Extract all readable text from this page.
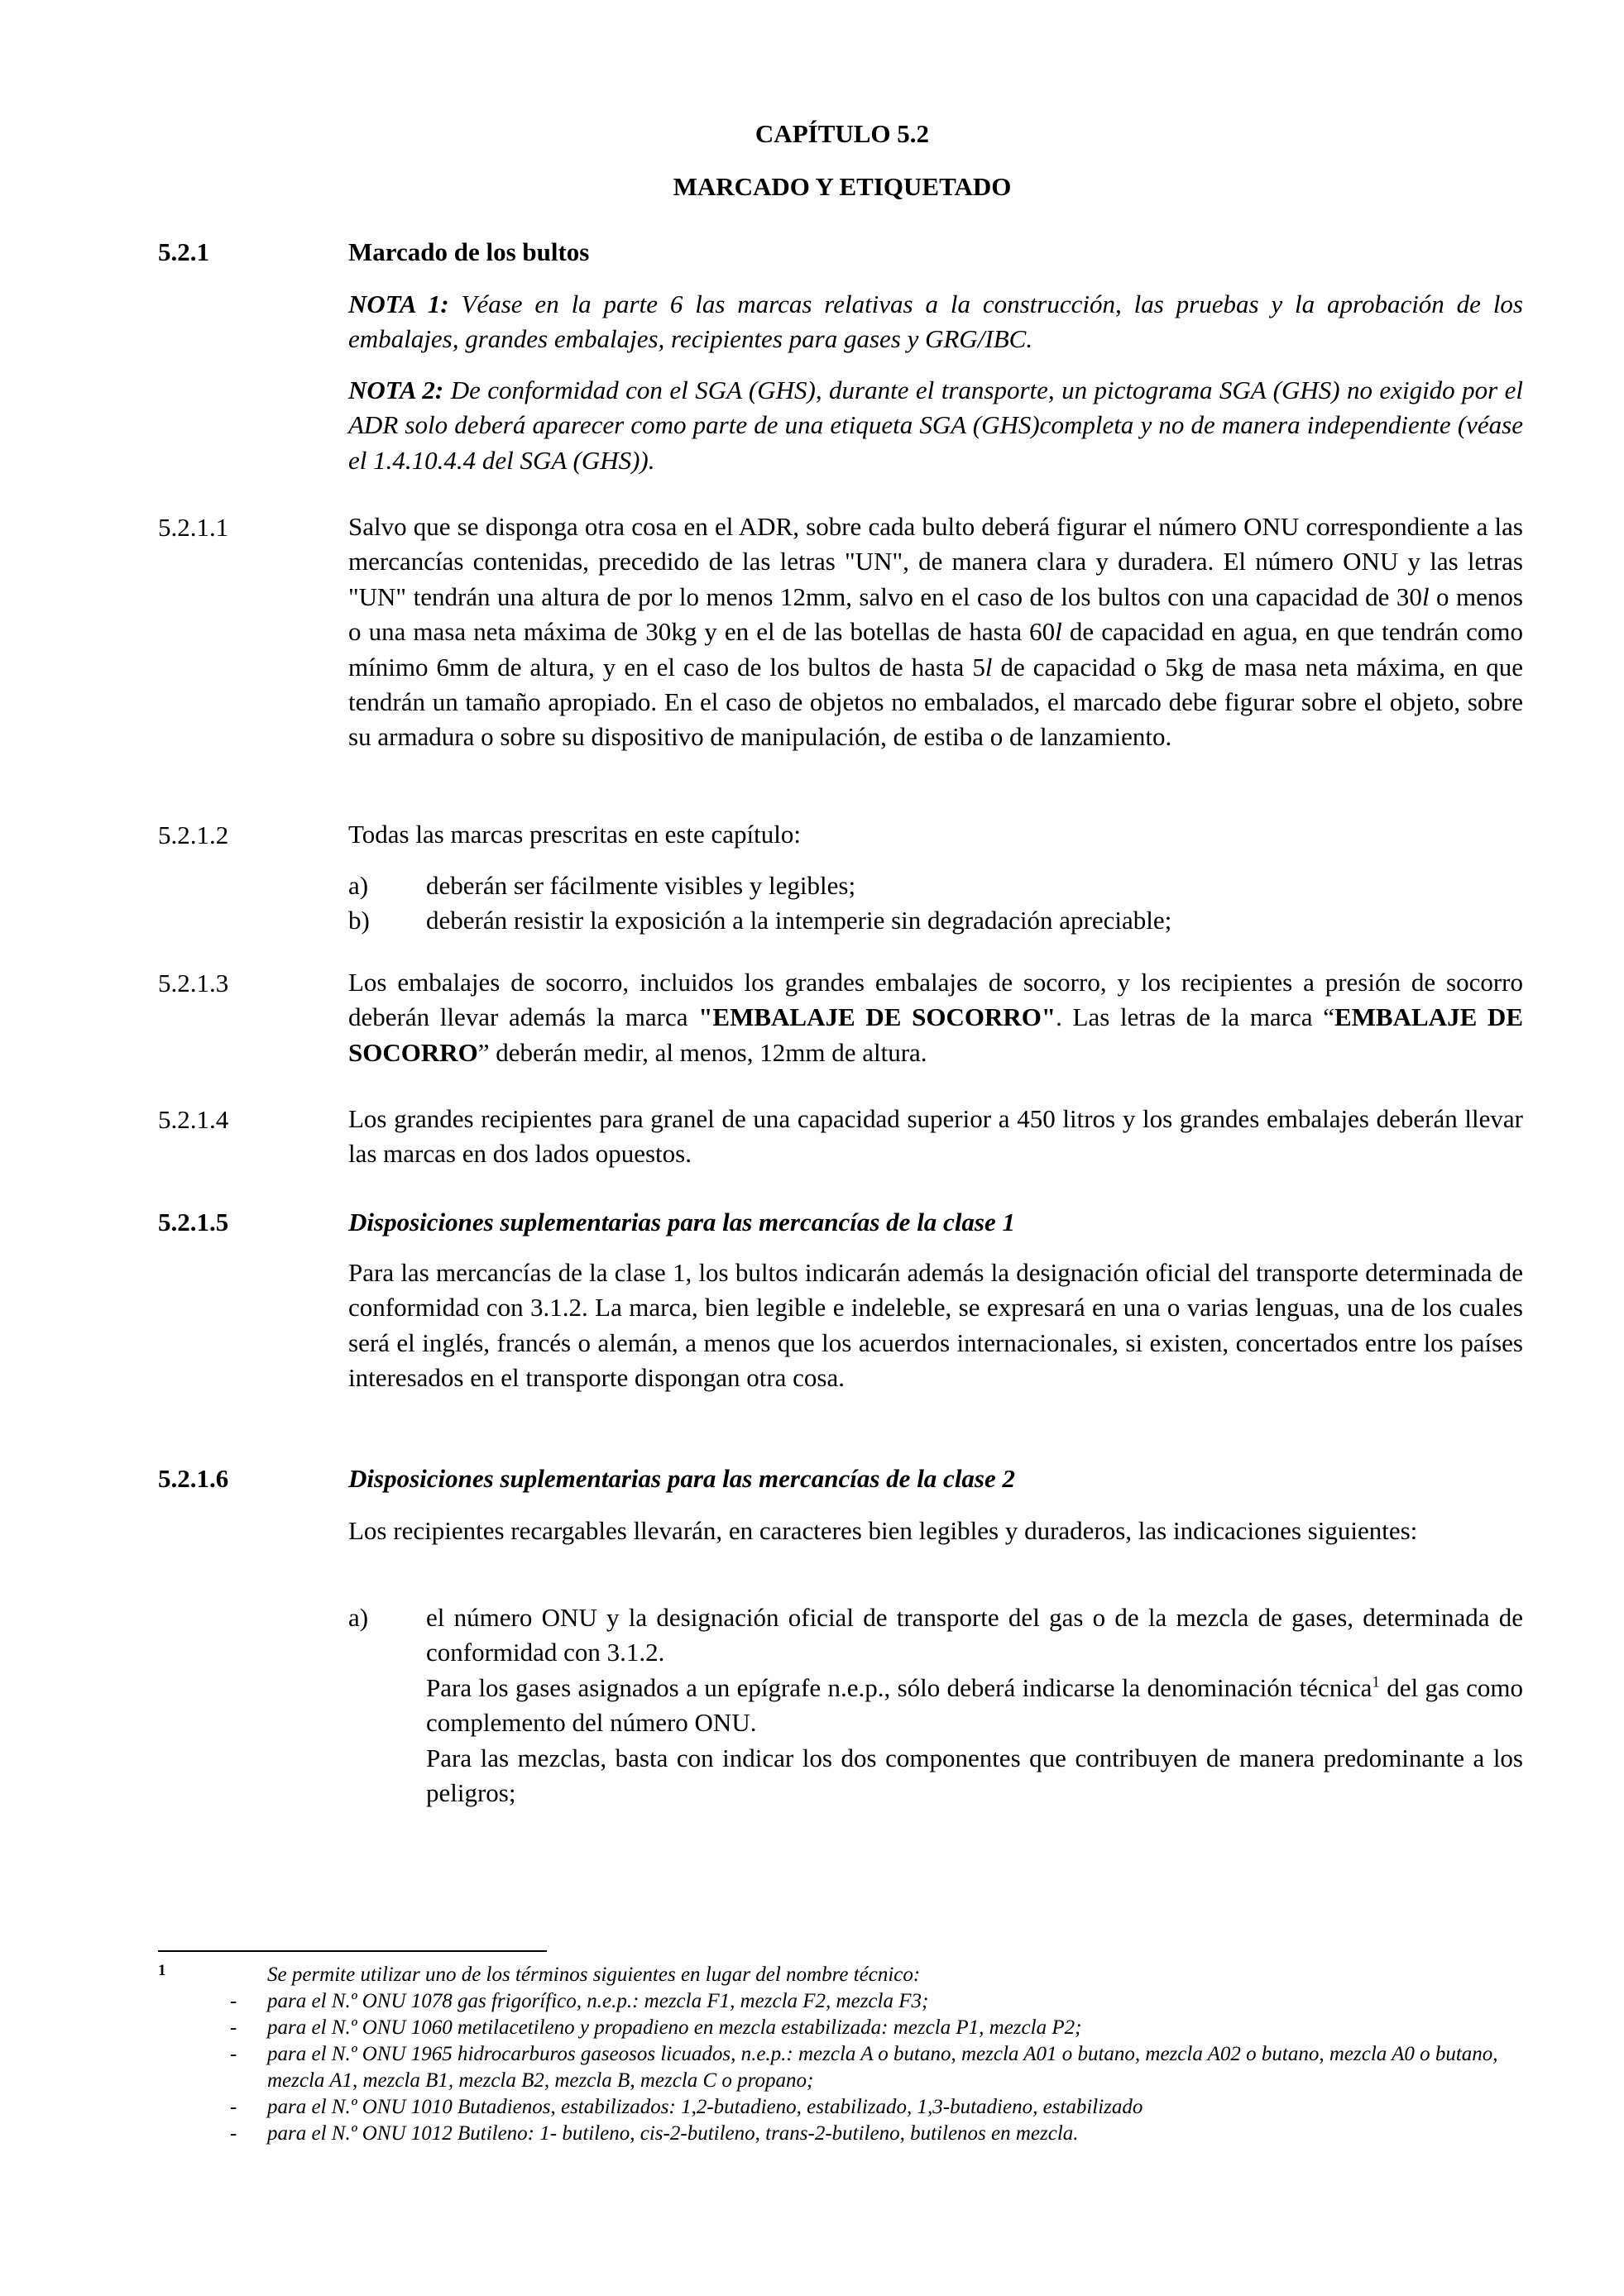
CAPÍTULO 5.2
MARCADO Y ETIQUETADO
5.2.1	Marcado de los bultos
NOTA 1: Véase en la parte 6 las marcas relativas a la construcción, las pruebas y la aprobación de los embalajes, grandes embalajes, recipientes para gases y GRG/IBC.
NOTA 2: De conformidad con el SGA (GHS), durante el transporte, un pictograma SGA (GHS) no exigido por el ADR solo deberá aparecer como parte de una etiqueta SGA (GHS)completa y no de manera independiente (véase el 1.4.10.4.4 del SGA (GHS)).
5.2.1.1	Salvo que se disponga otra cosa en el ADR, sobre cada bulto deberá figurar el número ONU correspondiente a las mercancías contenidas, precedido de las letras "UN", de manera clara y duradera. El número ONU y las letras "UN" tendrán una altura de por lo menos 12mm, salvo en el caso de los bultos con una capacidad de 30l o menos o una masa neta máxima de 30kg y en el de las botellas de hasta 60l de capacidad en agua, en que tendrán como mínimo 6mm de altura, y en el caso de los bultos de hasta 5l de capacidad o 5kg de masa neta máxima, en que tendrán un tamaño apropiado. En el caso de objetos no embalados, el marcado debe figurar sobre el objeto, sobre su armadura o sobre su dispositivo de manipulación, de estiba o de lanzamiento.
5.2.1.2	Todas las marcas prescritas en este capítulo:
a) deberán ser fácilmente visibles y legibles;
b) deberán resistir la exposición a la intemperie sin degradación apreciable;
5.2.1.3	Los embalajes de socorro, incluidos los grandes embalajes de socorro, y los recipientes a presión de socorro deberán llevar además la marca "EMBALAJE DE SOCORRO". Las letras de la marca “EMBALAJE DE SOCORRO” deberán medir, al menos, 12mm de altura.
5.2.1.4	Los grandes recipientes para granel de una capacidad superior a 450 litros y los grandes embalajes deberán llevar las marcas en dos lados opuestos.
5.2.1.5	Disposiciones suplementarias para las mercancías de la clase 1
Para las mercancías de la clase 1, los bultos indicarán además la designación oficial del transporte determinada de conformidad con 3.1.2. La marca, bien legible e indeleble, se expresará en una o varias lenguas, una de los cuales será el inglés, francés o alemán, a menos que los acuerdos internacionales, si existen, concertados entre los países interesados en el transporte dispongan otra cosa.
5.2.1.6	Disposiciones suplementarias para las mercancías de la clase 2
Los recipientes recargables llevarán, en caracteres bien legibles y duraderos, las indicaciones siguientes:
a) el número ONU y la designación oficial de transporte del gas o de la mezcla de gases, determinada de conformidad con 3.1.2.
Para los gases asignados a un epígrafe n.e.p., sólo deberá indicarse la denominación técnica$^1$ del gas como complemento del número ONU.
Para las mezclas, basta con indicar los dos componentes que contribuyen de manera predominante a los peligros;
1	Se permite utilizar uno de los términos siguientes en lugar del nombre técnico:
- para el N.º ONU 1078 gas frigorífico, n.e.p.: mezcla F1, mezcla F2, mezcla F3;
- para el N.º ONU 1060 metilacetileno y propadieno en mezcla estabilizada: mezcla P1, mezcla P2;
- para el N.º ONU 1965 hidrocarburos gaseosos licuados, n.e.p.: mezcla A o butano, mezcla A01 o butano, mezcla A02 o butano, mezcla A0 o butano, mezcla A1, mezcla B1, mezcla B2, mezcla B, mezcla C o propano;
- para el N.º ONU 1010 Butadienos, estabilizados: 1,2-butadieno, estabilizado, 1,3-butadieno, estabilizado
- para el N.º ONU 1012 Butileno: 1- butileno, cis-2-butileno, trans-2-butileno, butilenos en mezcla.
